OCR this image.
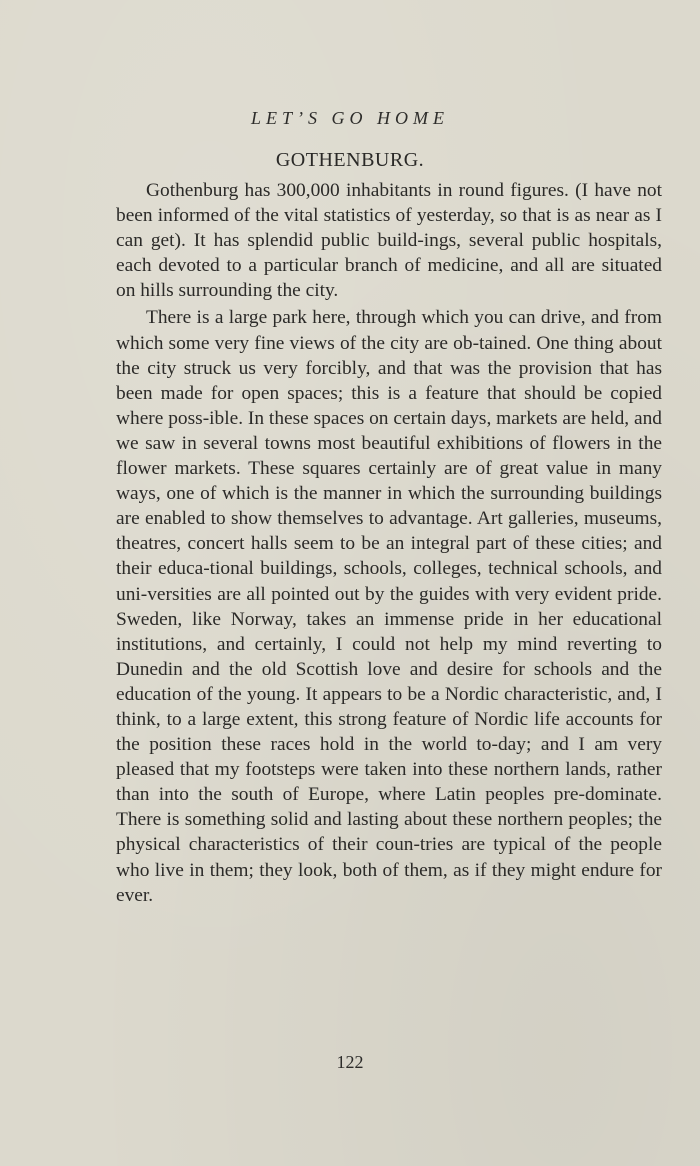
LET’S GO HOME
GOTHENBURG.

Gothenburg has 300,000 inhabitants in round figures. (I have not been informed of the vital statistics of yesterday, so that is as near as I can get). It has splendid public build-ings, several public hospitals, each devoted to a particular branch of medicine, and all are situated on hills surrounding the city.

There is a large park here, through which you can drive, and from which some very fine views of the city are ob-tained. One thing about the city struck us very forcibly, and that was the provision that has been made for open spaces; this is a feature that should be copied where poss-ible. In these spaces on certain days, markets are held, and we saw in several towns most beautiful exhibitions of flowers in the flower markets. These squares certainly are of great value in many ways, one of which is the manner in which the surrounding buildings are enabled to show themselves to advantage. Art galleries, museums, theatres, concert halls seem to be an integral part of these cities; and their educa-tional buildings, schools, colleges, technical schools, and uni-versities are all pointed out by the guides with very evident pride. Sweden, like Norway, takes an immense pride in her educational institutions, and certainly, I could not help my mind reverting to Dunedin and the old Scottish love and desire for schools and the education of the young. It appears to be a Nordic characteristic, and, I think, to a large extent, this strong feature of Nordic life accounts for the position these races hold in the world to-day; and I am very pleased that my footsteps were taken into these northern lands, rather than into the south of Europe, where Latin peoples pre-dominate. There is something solid and lasting about these northern peoples; the physical characteristics of their coun-tries are typical of the people who live in them; they look, both of them, as if they might endure for ever.

122
